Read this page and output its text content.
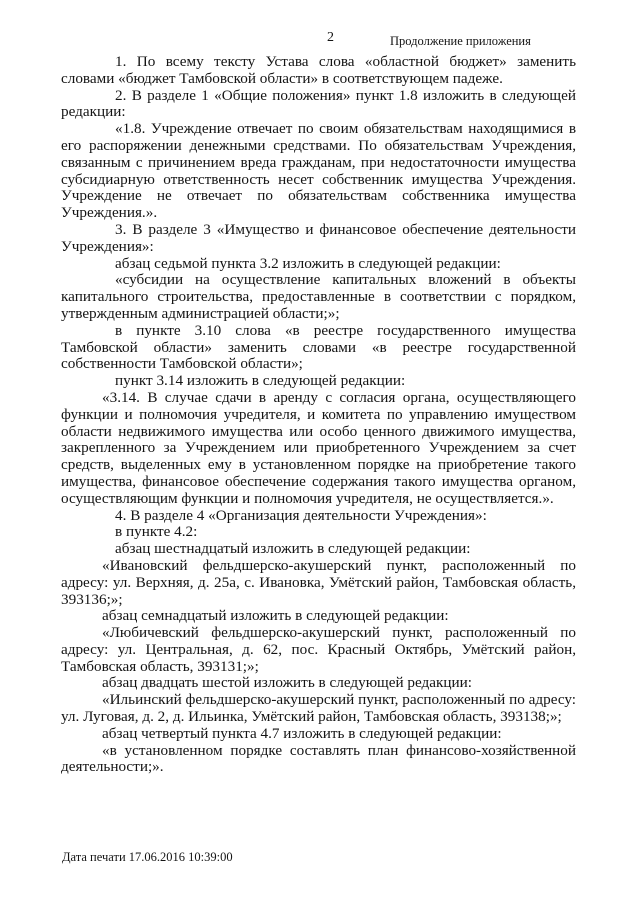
2	Продолжение приложения

1. По всему тексту Устава слова «областной бюджет» заменить словами «бюджет Тамбовской области» в соответствующем падеже.

2. В разделе 1 «Общие положения» пункт 1.8 изложить в следующей редакции:

«1.8. Учреждение отвечает по своим обязательствам находящимися в его распоряжении денежными средствами. По обязательствам Учреждения, связанным с причинением вреда гражданам, при недостаточности имущества субсидиарную ответственность несет собственник имущества Учреждения. Учреждение не отвечает по обязательствам собственника имущества Учреждения.».

3. В разделе 3 «Имущество и финансовое обеспечение деятельности Учреждения»:

абзац седьмой пункта 3.2 изложить в следующей редакции:

«субсидии на осуществление капитальных вложений в объекты капитального строительства, предоставленные в соответствии с порядком, утвержденным администрацией области;»;

в пункте 3.10 слова «в реестре государственного имущества Тамбовской области» заменить словами «в реестре государственной собственности Тамбовской области»;

пункт 3.14 изложить в следующей редакции:

«3.14. В случае сдачи в аренду с согласия органа, осуществляющего функции и полномочия учредителя, и комитета по управлению имуществом области недвижимого имущества или особо ценного движимого имущества, закрепленного за Учреждением или приобретенного Учреждением за счет средств, выделенных ему в установленном порядке на приобретение такого имущества, финансовое обеспечение содержания такого имущества органом, осуществляющим функции и полномочия учредителя, не осуществляется.».

4. В разделе 4 «Организация деятельности Учреждения»:

в пункте 4.2:

абзац шестнадцатый изложить в следующей редакции:

«Ивановский фельдшерско-акушерский пункт, расположенный по адресу: ул. Верхняя, д. 25а, с. Ивановка, Умётский район, Тамбовская область, 393136;»;

абзац семнадцатый изложить в следующей редакции:

«Любичевский фельдшерско-акушерский пункт, расположенный по адресу: ул. Центральная, д. 62, пос. Красный Октябрь, Умётский район, Тамбовская область, 393131;»;

абзац двадцать шестой изложить в следующей редакции:

«Ильинский фельдшерско-акушерский пункт, расположенный по адресу: ул. Луговая, д. 2, д. Ильинка, Умётский район, Тамбовская область, 393138;»;

абзац четвертый пункта 4.7 изложить в следующей редакции:

«в установленном порядке составлять план финансово-хозяйственной деятельности;».

Дата печати 17.06.2016 10:39:00
